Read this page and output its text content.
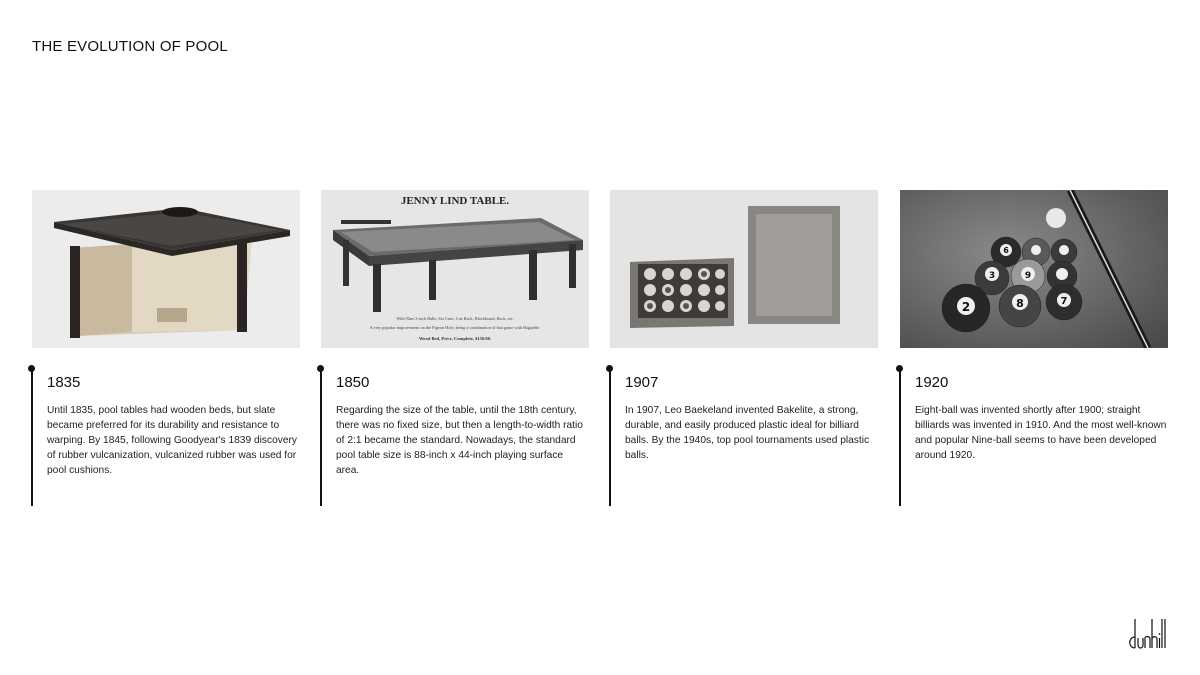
THE EVOLUTION OF POOL
1835
Until 1835, pool tables had wooden beds, but slate became preferred for its durability and resistance to warping. By 1845, following Goodyear's 1839 discovery of rubber vulcanization, vulcanized rubber was used for pool cushions.
JENNY LIND TABLE.
With Nine 2-inch Balls, Six Cues, Cue Rack, Blackboard, Rack, etc.
A very popular improvement on the Pigeon Hole, being a combination of that game with Bagatelle.
Wood Bed, Price, Complete, $150.00.
1850
Regarding the size of the table, until the 18th century, there was no fixed size, but then a length-to-width ratio of 2:1 became the standard. Nowadays, the standard pool table size is 88-inch x 44-inch playing surface area.
1907
In 1907, Leo Baekeland invented Bakelite, a strong, durable, and easily produced plastic ideal for billiard balls. By the 1940s, top pool tournaments used plastic balls.
6
3	9
2	8	7
1920
Eight-ball was invented shortly after 1900; straight billiards was invented in 1910. And the most well-known and popular Nine-ball seems to have been developed around 1920.
